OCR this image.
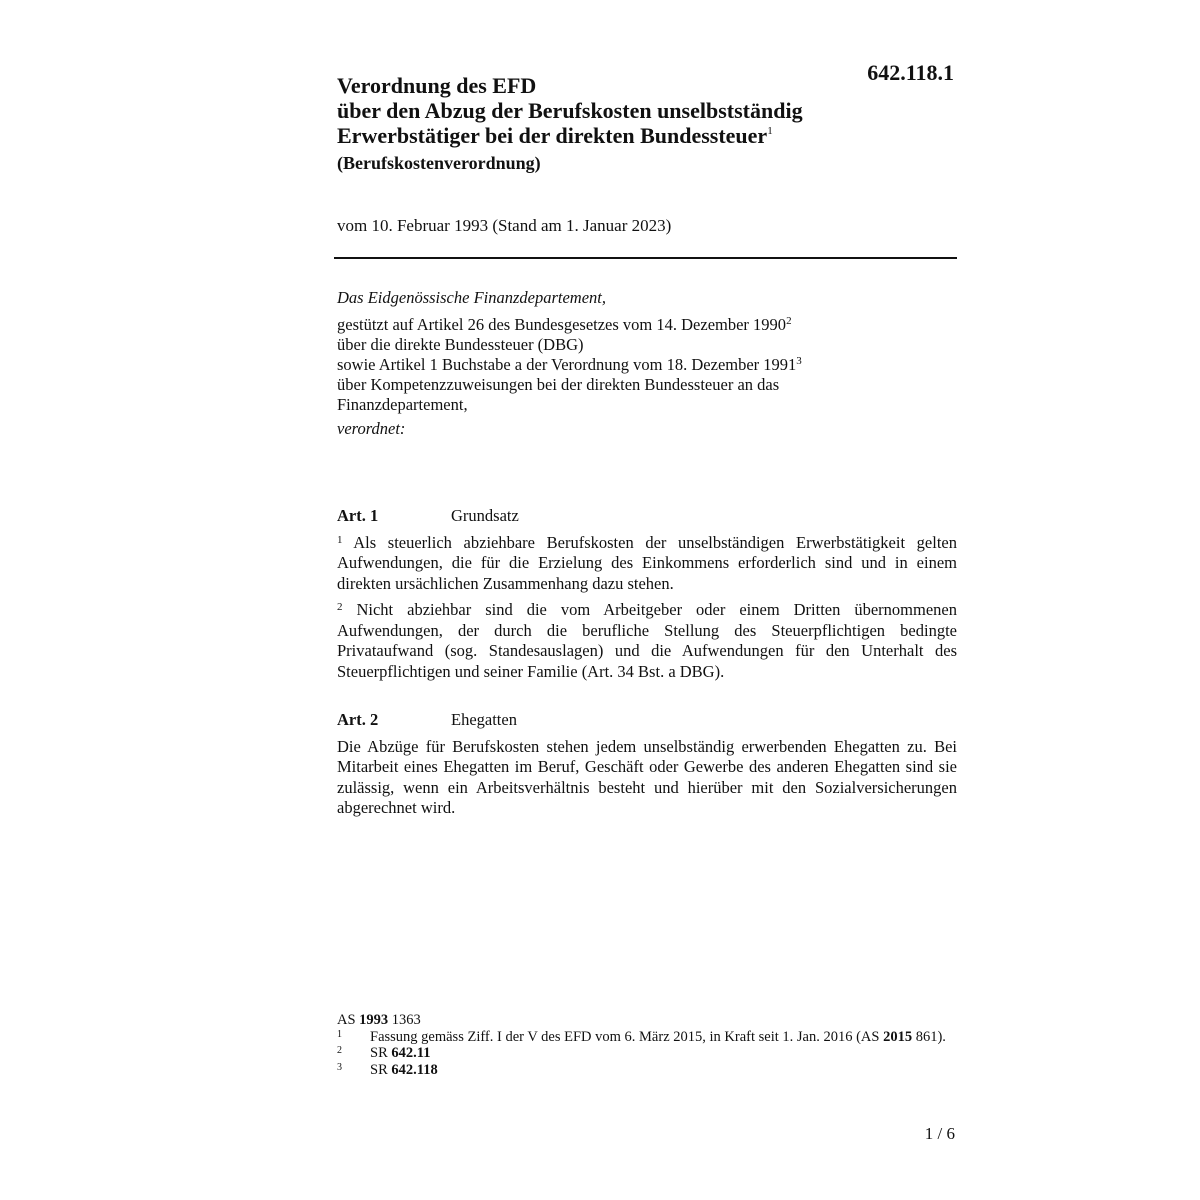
642.118.1
Verordnung des EFD
über den Abzug der Berufskosten unselbstständig
Erwerbstätiger bei der direkten Bundessteuer$^1$
(Berufskostenverordnung)
vom 10. Februar 1993 (Stand am 1. Januar 2023)
Das Eidgenössische Finanzdepartement,
gestützt auf Artikel 26 des Bundesgesetzes vom 14. Dezember 1990$^2$
über die direkte Bundessteuer (DBG)
sowie Artikel 1 Buchstabe a der Verordnung vom 18. Dezember 1991$^3$
über Kompetenzzuweisungen bei der direkten Bundessteuer an das
Finanzdepartement,
verordnet:
Art. 1	Grundsatz
$^1$ Als steuerlich abziehbare Berufskosten der unselbständigen Erwerbstätigkeit gelten Aufwendungen, die für die Erzielung des Einkommens erforderlich sind und in einem direkten ursächlichen Zusammenhang dazu stehen.
$^2$ Nicht abziehbar sind die vom Arbeitgeber oder einem Dritten übernommenen Aufwendungen, der durch die berufliche Stellung des Steuerpflichtigen bedingte Privataufwand (sog. Standesauslagen) und die Aufwendungen für den Unterhalt des Steuerpflichtigen und seiner Familie (Art. 34 Bst. a DBG).
Art. 2	Ehegatten
Die Abzüge für Berufskosten stehen jedem unselbständig erwerbenden Ehegatten zu. Bei Mitarbeit eines Ehegatten im Beruf, Geschäft oder Gewerbe des anderen Ehegatten sind sie zulässig, wenn ein Arbeitsverhältnis besteht und hierüber mit den Sozialversicherungen abgerechnet wird.
AS 1993 1363
1	Fassung gemäss Ziff. I der V des EFD vom 6. März 2015, in Kraft seit 1. Jan. 2016 (AS 2015 861).
2	SR 642.11
3	SR 642.118
1 / 6
